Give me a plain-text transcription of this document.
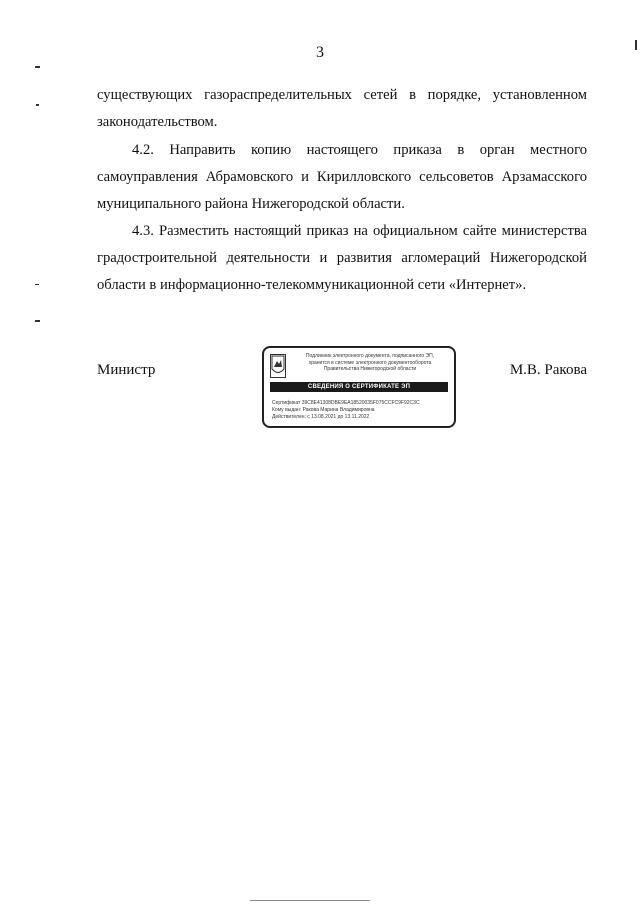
3
существующих газораспределительных сетей в порядке, установленном
законодательством.
4.2. Направить копию настоящего приказа в орган местного
самоуправления Абрамовского и Кирилловского сельсоветов Арзамасского
муниципального района Нижегородской области.
4.3. Разместить настоящий приказ на официальном сайте министерства
градостроительной деятельности и развития агломераций Нижегородской
области в информационно-телекоммуникационной сети «Интернет».
Министр	М.В. Ракова
Подлинник электронного документа, подписанного ЭП,
хранится в системе электронного документооборота
Правительства Нижегородской области
СВЕДЕНИЯ О СЕРТИФИКАТЕ ЭП
Сертификат 39C8E41308DBE9EA18520035F075CCFC9F92C3C
Кому выдан: Ракова Марина Владимировна
Действителен: с 13.08.2021 до 13.11.2022
